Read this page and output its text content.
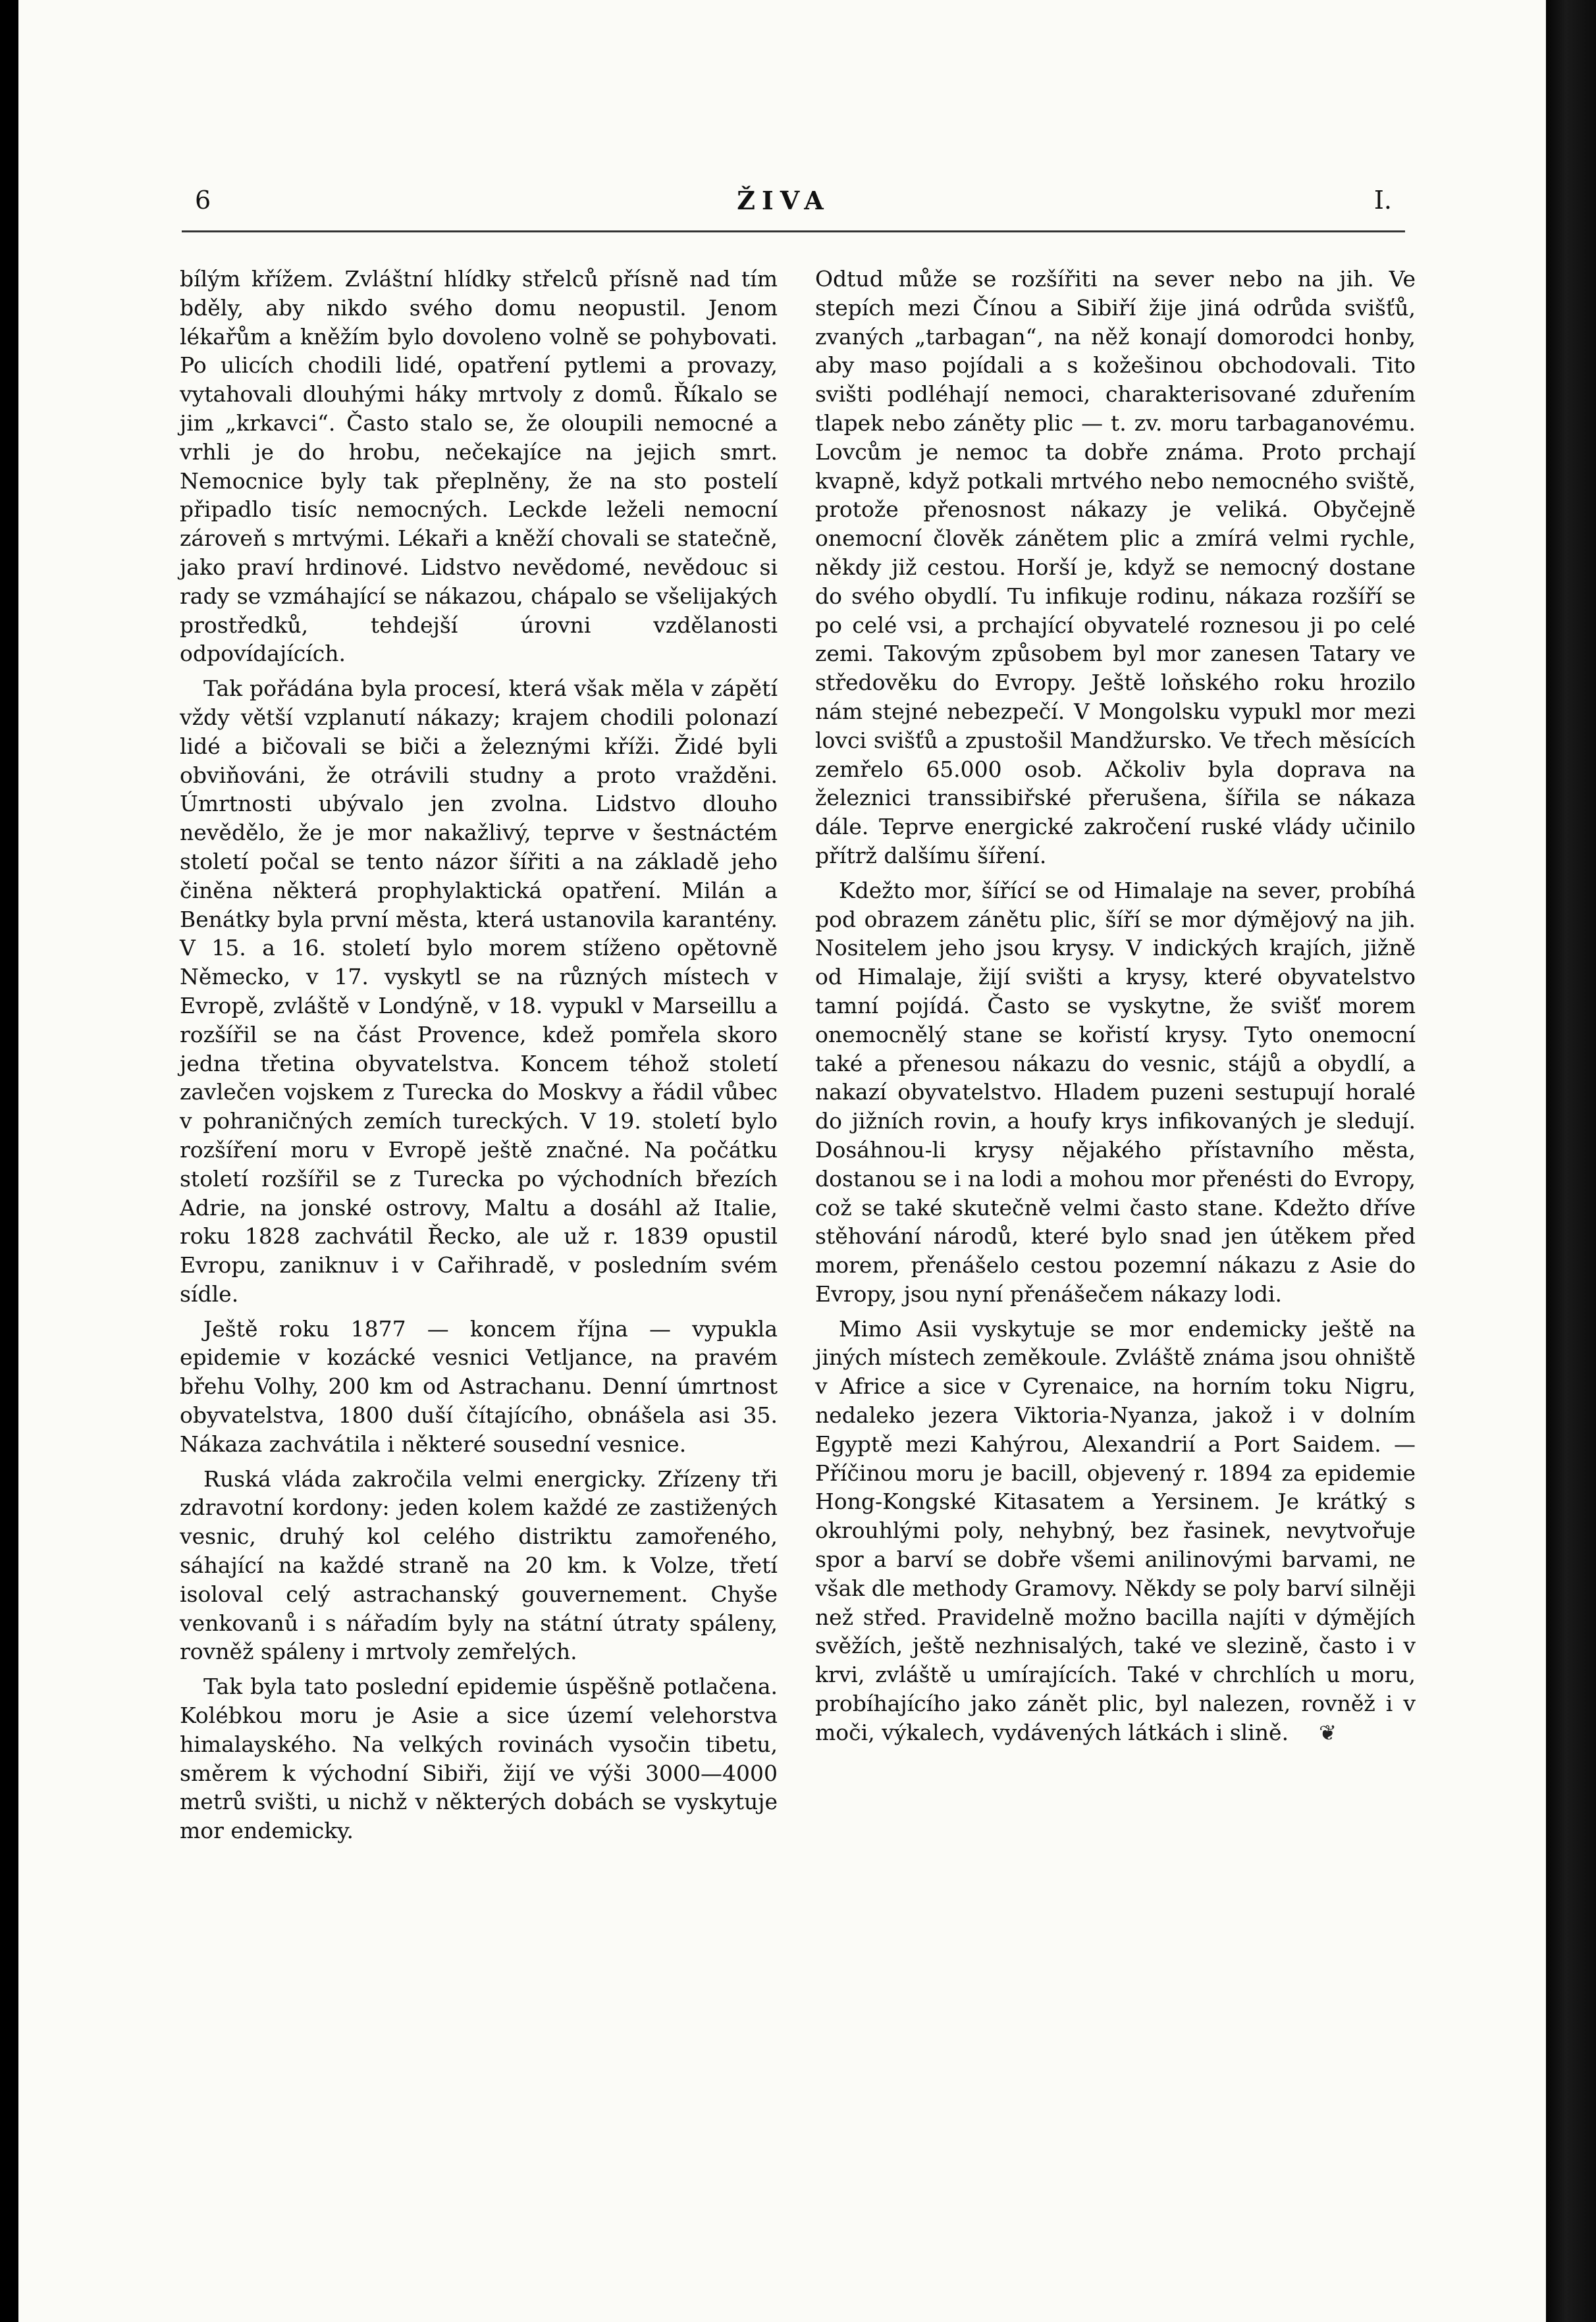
6	ŽIVA	I.

bílým křížem. Zvláštní hlídky střelců přísně nad tím bděly, aby nikdo svého domu neopustil. Jenom lékařům a kněžím bylo dovoleno volně se pohybovati. Po ulicích chodili lidé, opatření pytlemi a provazy, vytahovali dlouhými háky mrtvoly z domů. Říkalo se jim „krkavci“. Často stalo se, že oloupili nemocné a vrhli je do hrobu, nečekajíce na jejich smrt. Nemocnice byly tak přeplněny, že na sto postelí připadlo tisíc nemocných. Leckde leželi nemocní zároveň s mrtvými. Lékaři a kněží chovali se statečně, jako praví hrdinové. Lidstvo nevědomé, nevědouc si rady se vzmáhající se nákazou, chápalo se všelijakých prostředků, tehdejší úrovni vzdělanosti odpovídajících.

Tak pořádána byla procesí, která však měla v zápětí vždy větší vzplanutí nákazy; krajem chodili polonazí lidé a bičovali se biči a železnými kříži. Židé byli obviňováni, že otrávili studny a proto vražděni. Úmrtnosti ubývalo jen zvolna. Lidstvo dlouho nevědělo, že je mor nakažlivý, teprve v šestnáctém století počal se tento názor šířiti a na základě jeho činěna některá prophylaktická opatření. Milán a Benátky byla první města, která ustanovila karantény. V 15. a 16. století bylo morem stíženo opětovně Německo, v 17. vyskytl se na různých místech v Evropě, zvláště v Londýně, v 18. vypukl v Marseillu a rozšířil se na část Provence, kdež pomřela skoro jedna třetina obyvatelstva. Koncem téhož století zavlečen vojskem z Turecka do Moskvy a řádil vůbec v pohraničných zemích tureckých. V 19. století bylo rozšíření moru v Evropě ještě značné. Na počátku století rozšířil se z Turecka po východních březích Adrie, na jonské ostrovy, Maltu a dosáhl až Italie, roku 1828 zachvátil Řecko, ale už r. 1839 opustil Evropu, zaniknuv i v Cařihradě, v posledním svém sídle.

Ještě roku 1877 — koncem října — vypukla epidemie v kozácké vesnici Vetljance, na pravém břehu Volhy, 200 km od Astrachanu. Denní úmrtnost obyvatelstva, 1800 duší čítajícího, obnášela asi 35. Nákaza zachvátila i některé sousední vesnice.

Ruská vláda zakročila velmi energicky. Zřízeny tři zdravotní kordony: jeden kolem každé ze zastižených vesnic, druhý kol celého distriktu zamořeného, sáhající na každé straně na 20 km. k Volze, třetí isoloval celý astrachanský gouvernement. Chyše venkovanů i s nářadím byly na státní útraty spáleny, rovněž spáleny i mrtvoly zemřelých.

Tak byla tato poslední epidemie úspěšně potlačena. Kolébkou moru je Asie a sice území velehorstva himalayského. Na velkých rovinách vysočin tibetu, směrem k východní Sibiři, žijí ve výši 3000—4000 metrů svišti, u nichž v některých dobách se vyskytuje mor endemicky.

Odtud může se rozšířiti na sever nebo na jih. Ve stepích mezi Čínou a Sibiří žije jiná odrůda svišťů, zvaných „tarbagan“, na něž konají domorodci honby, aby maso pojídali a s kožešinou obchodovali. Tito svišti podléhají nemoci, charakterisované zduřením tlapek nebo záněty plic — t. zv. moru tarbaganovému. Lovcům je nemoc ta dobře známa. Proto prchají kvapně, když potkali mrtvého nebo nemocného sviště, protože přenosnost nákazy je veliká. Obyčejně onemocní člověk zánětem plic a zmírá velmi rychle, někdy již cestou. Horší je, když se nemocný dostane do svého obydlí. Tu infikuje rodinu, nákaza rozšíří se po celé vsi, a prchající obyvatelé roznesou ji po celé zemi. Takovým způsobem byl mor zanesen Tatary ve středověku do Evropy. Ještě loňského roku hrozilo nám stejné nebezpečí. V Mongolsku vypukl mor mezi lovci svišťů a zpustošil Mandžursko. Ve třech měsících zemřelo 65.000 osob. Ačkoliv byla doprava na železnici transsibiřské přerušena, šířila se nákaza dále. Teprve energické zakročení ruské vlády učinilo přítrž dalšímu šíření.

Kdežto mor, šířící se od Himalaje na sever, probíhá pod obrazem zánětu plic, šíří se mor dýmějový na jih. Nositelem jeho jsou krysy. V indických krajích, jižně od Himalaje, žijí svišti a krysy, které obyvatelstvo tamní pojídá. Často se vyskytne, že svišť morem onemocnělý stane se kořistí krysy. Tyto onemocní také a přenesou nákazu do vesnic, stájů a obydlí, a nakazí obyvatelstvo. Hladem puzeni sestupují horalé do jižních rovin, a houfy krys infikovaných je sledují. Dosáhnou-li krysy nějakého přístavního města, dostanou se i na lodi a mohou mor přenésti do Evropy, což se také skutečně velmi často stane. Kdežto dříve stěhování národů, které bylo snad jen útěkem před morem, přenášelo cestou pozemní nákazu z Asie do Evropy, jsou nyní přenášečem nákazy lodi.

Mimo Asii vyskytuje se mor endemicky ještě na jiných místech zeměkoule. Zvláště známa jsou ohniště v Africe a sice v Cyrenaice, na horním toku Nigru, nedaleko jezera Viktoria-Nyanza, jakož i v dolním Egyptě mezi Kahýrou, Alexandrií a Port Saidem. — Příčinou moru je bacill, objevený r. 1894 za epidemie Hong-Kongské Kitasatem a Yersinem. Je krátký s okrouhlými poly, nehybný, bez řasinek, nevytvořuje spor a barví se dobře všemi anilinovými barvami, ne však dle methody Gramovy. Někdy se poly barví silněji než střed. Pravidelně možno bacilla najíti v dýmějích svěžích, ještě nezhnisalých, také ve slezině, často i v krvi, zvláště u umírajících. Také v chrchlích u moru, probíhajícího jako zánět plic, byl nalezen, rovněž i v moči, výkalech, vydávených látkách i slině. ❦
